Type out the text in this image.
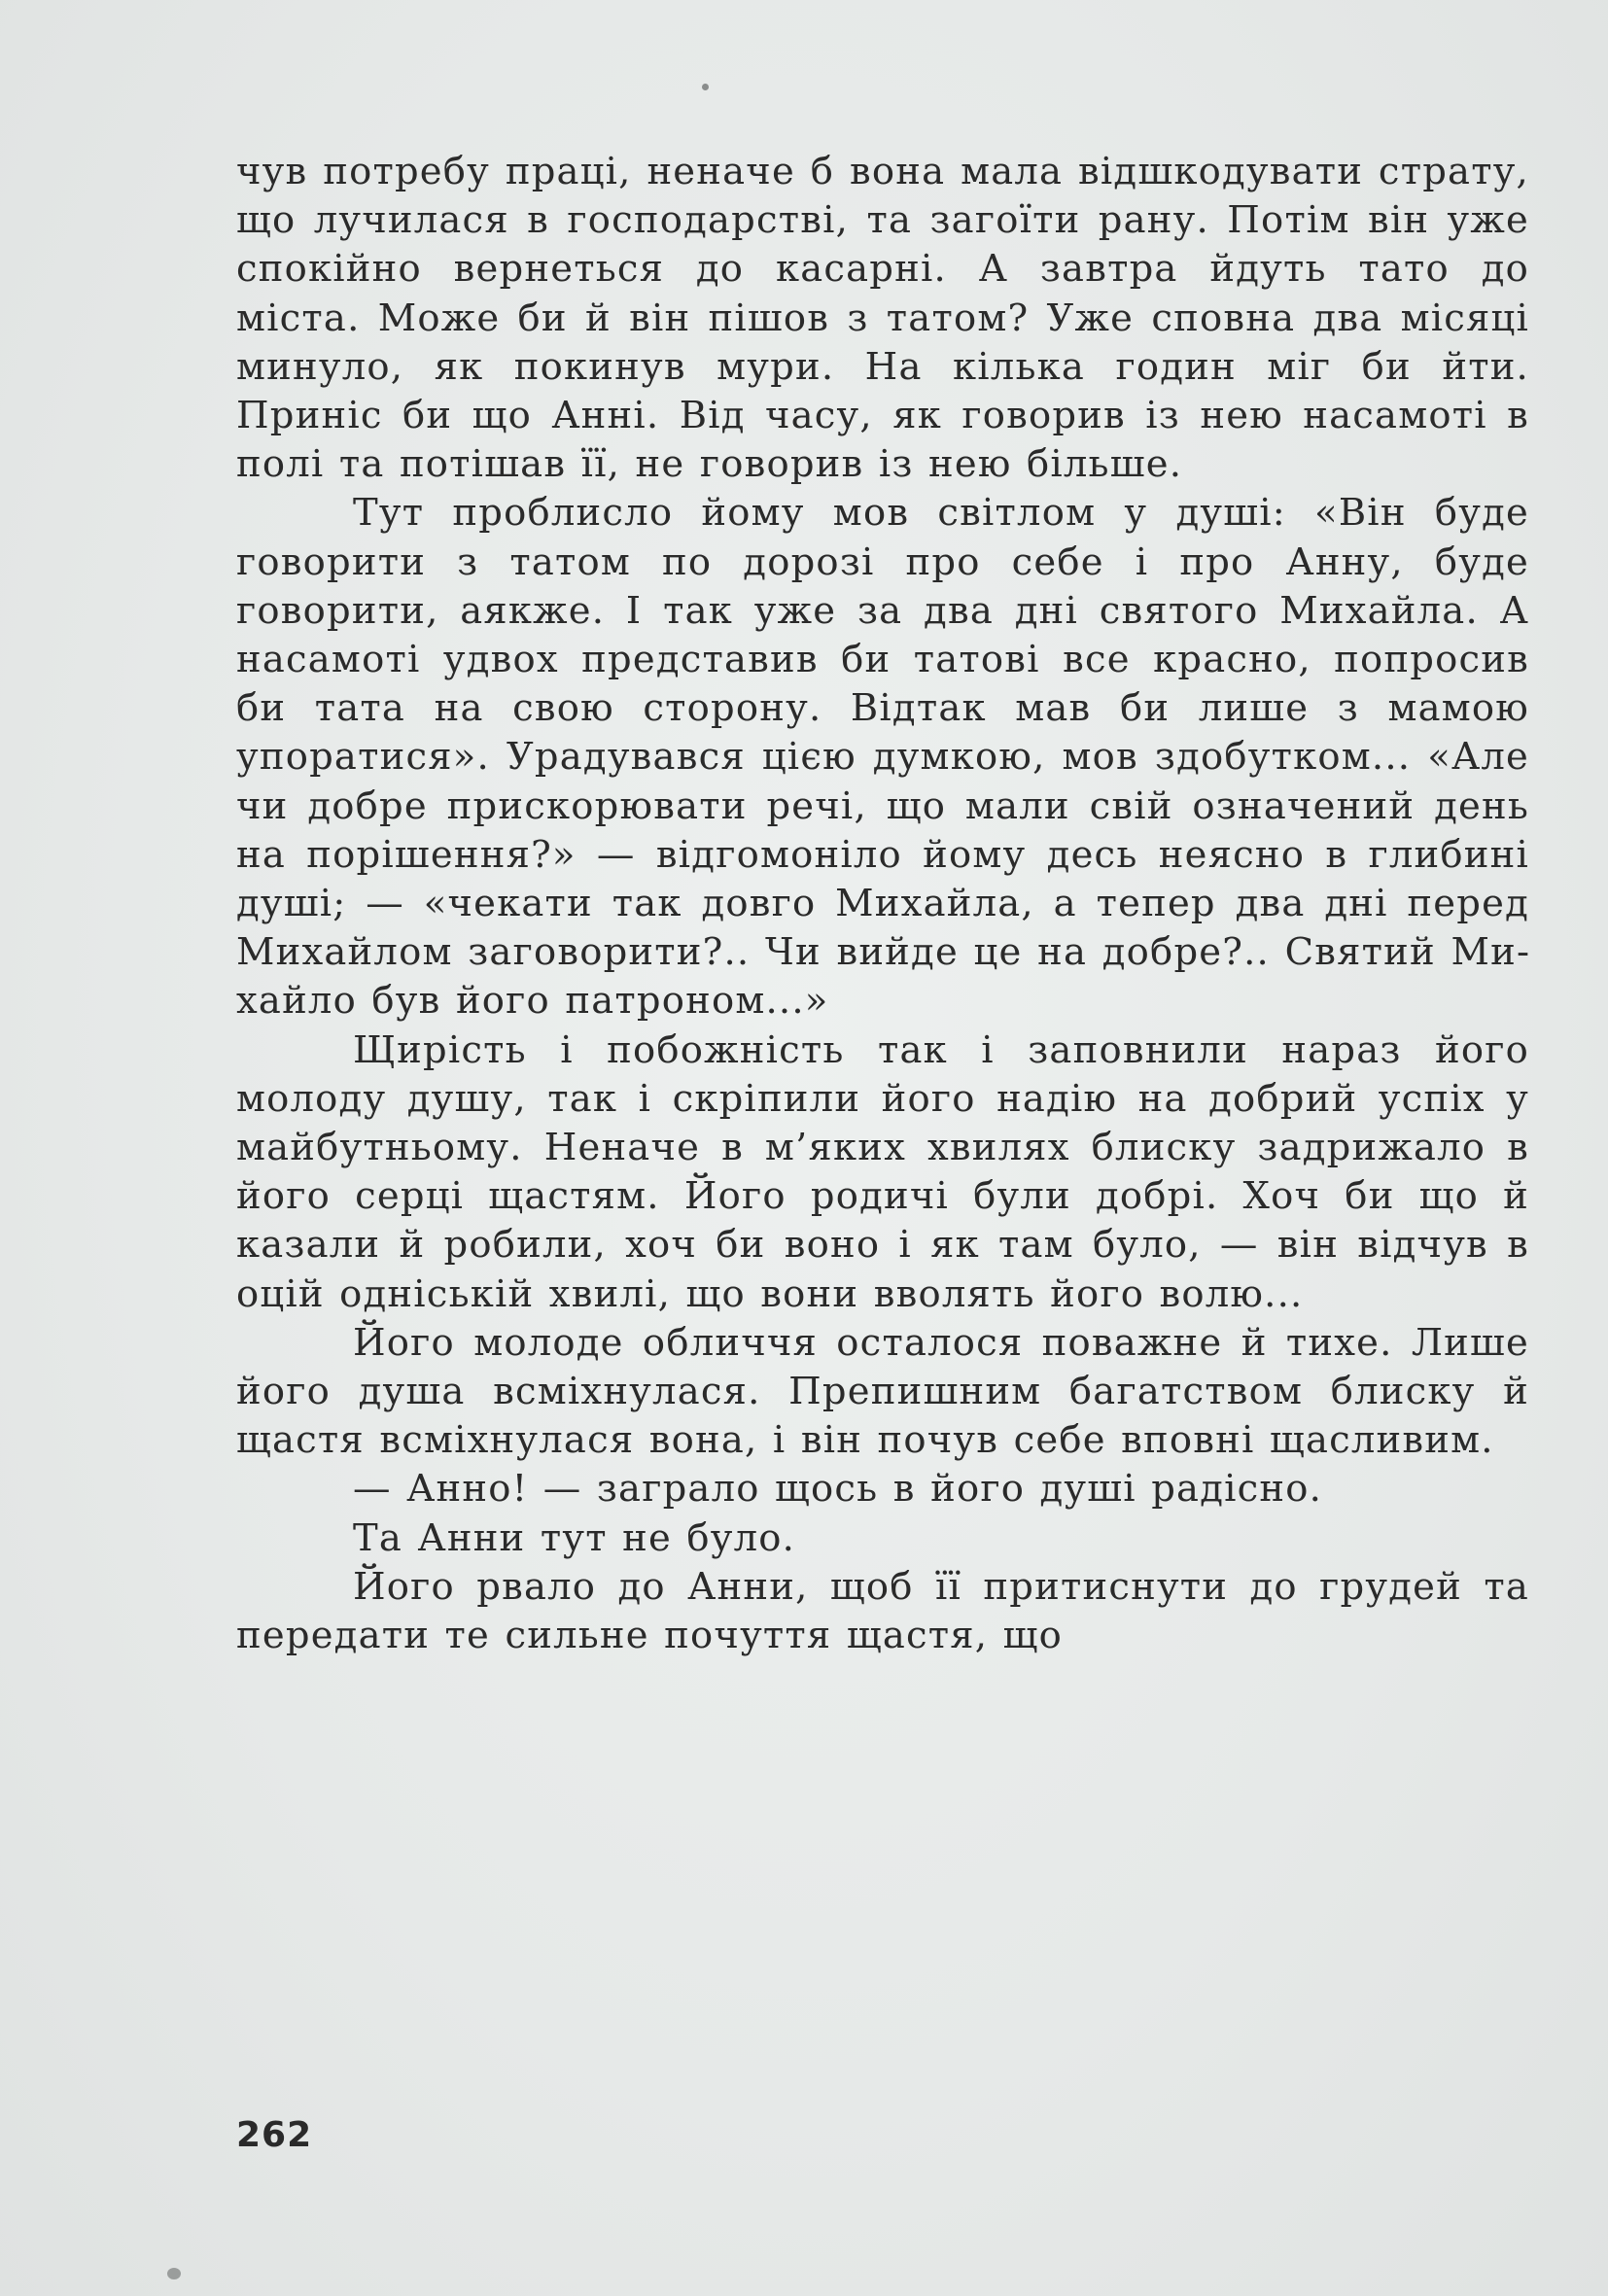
чув потребу праці, неначе б вона мала відшкодувати страту, що лучилася в господарстві, та загоїти рану. Потім він уже спокійно вернеться до касарні. А завтра йдуть тато до міста. Може би й він пішов з татом? Уже сповна два місяці минуло, як покинув мури. На кілька годин міг би йти. Приніс би що Анні. Від часу, як говорив із нею насамоті в полі та потішав її, не говорив із нею більше.

Тут проблисло йому мов світлом у душі: «Він буде говорити з татом по дорозі про себе і про Анну, буде говорити, аякже. І так уже за два дні святого Михайла. А насамоті удвох представив би татові все красно, попросив би тата на свою сторону. Відтак мав би лише з мамою упоратися». Урадувався цією думкою, мов здобутком... «Але чи добре прискорювати речі, що мали свій означений день на порішення?» — відгомоніло йому десь неясно в глибині душі; — «чекати так довго Михайла, а тепер два дні перед Михайлом заговорити?.. Чи вийде це на добре?.. Святий Михайло був його патроном...»

Щирість і побожність так і заповнили нараз його молоду душу, так і скріпили його надію на добрий успіх у майбутньому. Неначе в м’яких хвилях блиску задрижало в його серці щастям. Його родичі були добрі. Хоч би що й казали й робили, хоч би воно і як там було, — він відчув в оцій одніській хвилі, що вони вволять його волю...

Його молоде обличчя осталося поважне й тихе. Лише його душа всміхнулася. Препишним багатством блиску й щастя всміхнулася вона, і він почув себе вповні щасливим.

— Анно! — заграло щось в його душі радісно.

Та Анни тут не було.

Його рвало до Анни, щоб її притиснути до грудей та передати те сильне почуття щастя, що

262
